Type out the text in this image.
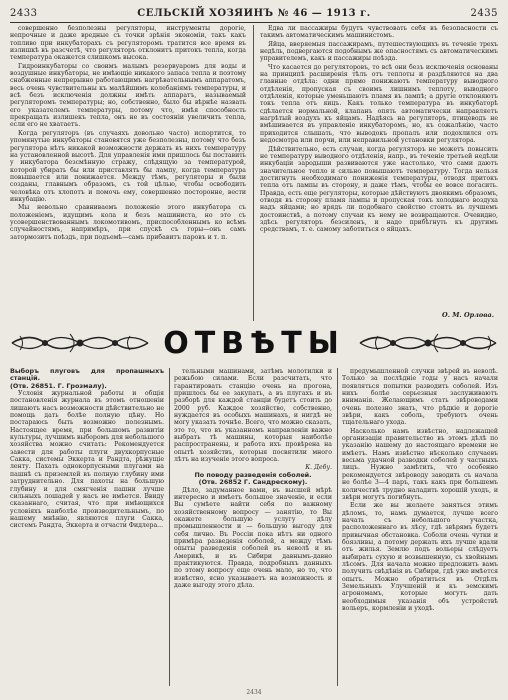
2433	СЕЛЬСКІЙ ХОЗЯИНЪ № 46 — 1913 г.	2435

совершенно безполезны регуляторы, инструменты дорогіе, непрочные и даже вредные съ точки зрѣнія экономіи, такъ какъ топливо при инкубаторахъ съ регуляторомъ тратится все время въ излишкѣ въ разсчетѣ, что регуляторъ отклонитъ притокъ тепла, когда температура окажется слишкомъ высока.

Гидроинкубаторы со своимъ малымъ резервуаромъ для воды и воздушные инкубаторы, не имѣющіе никакого запаса тепла и поэтому снабженные непрерывно работающимъ нагрѣвательнымъ аппаратомъ, весь очень чувствительны къ малѣйшимъ колебаніямъ температуры, и всѣ безъ исключенія должны имѣть аппаратъ, называемый регуляторомъ температуры; но, собственно, было бы вѣрнѣе назвать его указателемъ температуры, потому что, имѣя способность прекращать излишекъ тепла, онъ не въ состояніи увеличить тепла, если его не хватаетъ.

Когда регуляторъ (въ случаяхъ довольно часто) испортится, то упомянутые инкубаторы становятся уже безполезны, потому что безъ регулятора нѣтъ никакой возможности держать въ нихъ температуру на установленной высотѣ. Для управленія ими пришлось бы поставить у инкубатора безсмѣнную стражу, слѣдящую за температурой, которой убирать бы или приставлять бы лампу, когда температура повышается или понижается. Между тѣмъ, регуляторы и были созданы, главнымъ образомъ, съ той цѣлью, чтобы освободить человѣка отъ хлопотъ и помочь ему, совершенно посторонне, вести инкубацію.

Мы невольно сравниваемъ положеніе этого инкубатора съ положеніемъ, идущимъ кола и безъ машиниста, но это съ усовершенствованнымъ локомотивомъ, приспособленнымъ ко всѣмъ случайностямъ, напримѣръ, при спускѣ съ горы—онъ самъ затормозитъ поѣздъ, при подъемѣ—самъ прибавитъ паровъ и т. п.

Едва ли пассажиры будутъ чувствовать себя въ безопасности съ такимъ автоматическимъ машинистомъ.

Яйца, вверяемыя пассажирамъ, путешествующихъ въ теченіе трехъ недѣль, подвергаются подобнымъ же опасностямъ съ автоматическимъ управителемъ, какъ и пассажиры поѣзда.

Что касается до регуляторовъ, то всѣ они безъ исключенія основаны на принципѣ расширенія тѣлъ отъ теплоты и раздѣляются на два главные отдѣла: одни прямо понижаютъ температуру выводного отдѣленія, пропуская съ своимъ лишнимъ теплоту, выводного отдѣленія, которые уменьшаютъ пламя въ лампѣ; а другіе отклоняютъ токъ тепла отъ яицъ. Какъ только температура въ инкубаторѣ сдѣлается нормальной, клапанъ опять автоматически направляетъ нагрѣтый воздухъ къ яйцамъ. Надѣясь на регуляторъ, птицеводъ не вмѣшивается въ управленіе инкубаторомъ, но, къ сожалѣнію, часто приходится слышать, что выводокъ пропалъ или подохлился отъ недосмотра или порчи, или неправильной установки регулятора.

Дѣйствительно, есть случаи, когда регуляторъ не можетъ повысить не температуру выводного отдѣленія, напр., въ теченіе третьей недѣли инкубаціи зародыши развиваются уже настолько, что сами даютъ значительное тепло и сильно повышаютъ температуру. Тогда нельзя достигнуть необходимаго пониженія температуры, отводя притокъ тепла отъ лампы въ сторону, и даже тѣмъ, чтобы ее вовсе погасить. Правда, есть еще регуляторы, которые дѣйствуютъ двоякимъ образомъ, отводя въ сторону пламя лампы и пропуская токъ холоднаго воздуха надъ яйцами; но врядъ ли подобнаго свойство стоитъ въ лучшемъ достоинствѣ, а потому случаи къ нему не возвращаются. Очевидно, здѣсь регуляторъ безсиленъ, и надо прибѣгнуть къ другимъ средствамъ, т. е. самому заботиться о яйцахъ.

О. М. Орлова.
ОТВѢТЫ
Выборъ плуговъ для пропашныхъ станцій.
(Отв. 26851. Г. Грозмалу).

Условія журнальной работы и общія постановленія журнала въ этомъ отношеніи лишаютъ насъ возможности дѣйствительно не помощь дать болѣе полную цѣну. Но постараюсь быть возможно полезнымъ. Настоящее время, при большомъ развитіи культуры, лучшимъ выборомъ для небольшого хозяйства можно считать: Рекомендуется завести для работы плуги двухкорпусные Сакка, системы Эккерта и Рандта, рѣжущіе ленту. Пахать однокорпусными плугами на пашнѣ съ приземлей въ полную глубину ими затруднительно. Для пахоты на большую глубину и для смягченія пашни лучше сильныхъ лошадей у насъ не имѣется. Ввиду сказаннаго, считая, что при имѣющихся условіяхъ наиболѣе производительнымъ, по нашему мнѣнію, являются плуги Сакка, системъ Рандта, Эккерта и отчасти Фидлера...

тельными машинами, затѣмъ молотилки и режьбою силами. Если разсчитать, что гарантировать станцію очень на прогона, пришлось бы ее закупать, а въ плугахъ и въ разборѣ для каждой станціи будетъ стоить до 2000 руб. Каждое хозяйство, собственно, нуждается въ особыхъ машинахъ, и нигдѣ не могу указать точнѣе. Всего, что можно сказать, это то, что въ указанномъ направленіи важно выбрать тѣ машины, которыя наиболѣе распространены, и работа ихъ провѣрена на опытѣ хозяйствъ, которыя посвятили много лѣтъ на изученіе этого вопроса.

К. Дебу.
По поводу разведенія соболей.
(Отв. 26852 Г. Сандрескому).

Дѣло, задуманное вами, въ высшей мѣрѣ интересно и имѣетъ большое значеніе, и если Вы сумѣете найти себя по важному хозяйственному вопросу — занятію, то Вы окажете большую услугу дѣлу промышленности и — большую выгоду для себя лично. Въ Россіи пока нѣтъ ни одного примѣра разведенія соболей, а между тѣмъ опыты разведенія соболей въ неволѣ и въ Америкѣ, и въ Сибири давнымъ-давно практикуются. Правда, подробныхъ данныхъ по этому вопросу еще очень мало, но то, что извѣстно, ясно указываетъ на возможность и даже выгоду этого дѣла.

предумышленной случки звѣрей въ неволѣ. Только за послѣдніе годы у насъ начали появляться попытки разводить соболей. Изъ нихъ болѣе серьезныя заслуживаютъ вниманія. Желающимъ стать звѣроводами очень полезно знать, что рѣдкіе и дорогіе звѣри, какъ соболь, требуютъ очень тщательнаго ухода.

Насколько намъ извѣстно, надлежащей организаціи правительство въ этомъ дѣлѣ по указанію нашему до настоящаго времени не имѣетъ. Намъ извѣстно нѣсколько случаевъ весьма удачной разводки соболей у частныхъ лицъ. Нужно замѣтить, что особенно рекомендуется звѣроводу заводить съ начала не болѣе 3—4 паръ, такъ какъ при большемъ количествѣ трудно наладить хорошій уходъ, и звѣри могутъ погибнуть.

Если же вы желаете заняться этимъ дѣломъ, то, намъ думается, лучше всего начать съ небольшого участка, расположеннаго въ лѣсу, гдѣ звѣрямъ будетъ привычная обстановка. Соболи очень чутки и боязливы, а потому держать ихъ лучше вдали отъ жилья. Землю подъ вольеры слѣдуетъ выбирать сухую и возвышенную, съ хвойнымъ лѣсомъ. Для начала можно предложить вамъ получить свѣдѣнія въ Сибири, гдѣ уже имѣется опытъ. Можно обратиться въ Отдѣлъ Земельныхъ Улучшеній и къ земскимъ агрономамъ, которые могутъ дать необходимыя указанія объ устройствѣ вольеръ, кормленіи и уходѣ.

2434
